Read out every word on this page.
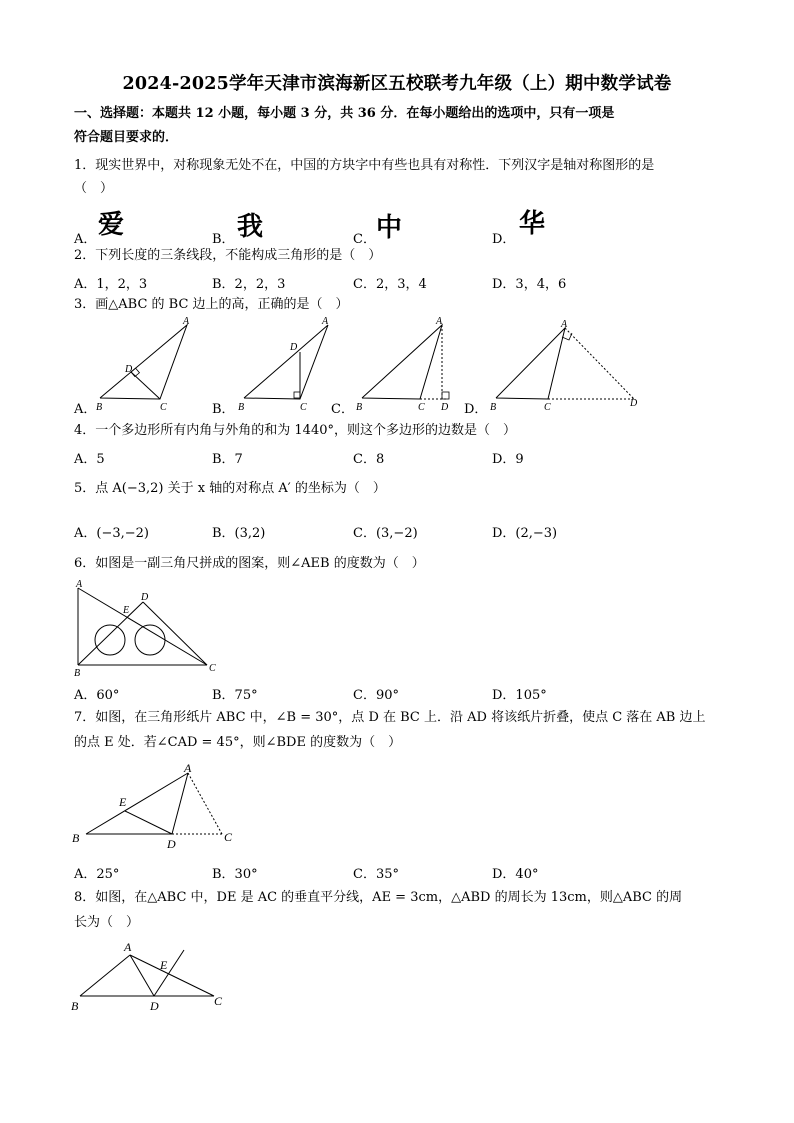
2024-2025学年天津市滨海新区五校联考九年级（上）期中数学试卷
一、选择题：本题共 12 小题，每小题 3 分，共 36 分．在每小题给出的选项中，只有一项是
符合题目要求的．
1．现实世界中，对称现象无处不在，中国的方块字中有些也具有对称性．下列汉字是轴对称图形的是
（　）
A． 爱	B． 我	C． 中	D．
华
2．下列长度的三条线段，不能构成三角形的是（　）
A．1，2，3	B．2，2，3	C．2，3，4	D．3，4，6
3．画△ABC 的 BC 边上的高，正确的是（　）
A．	B．	C．	D．
A
B	C
D
A
B	C
D
A
B	C D
A
B	C	D
4．一个多边形所有内角与外角的和为 1440°，则这个多边形的边数是（　）
A．5	B．7	C．8	D．9
5．点 A(−3,2) 关于 x 轴的对称点 A′ 的坐标为（　）
A．(−3,−2)	B．(3,2)	C．(3,−2)	D．(2,−3)
6．如图是一副三角尺拼成的图案，则∠AEB 的度数为（　）
A
B	C
D
E
A．60°	B．75°	C．90°	D．105°
7．如图，在三角形纸片 ABC 中，∠B = 30°，点 D 在 BC 上．沿 AD 将该纸片折叠，使点 C 落在 AB 边上
的点 E 处．若∠CAD = 45°，则∠BDE 的度数为（　）
A
B	C
D
E
A．25°	B．30°	C．35°	D．40°
8．如图，在△ABC 中，DE 是 AC 的垂直平分线，AE = 3cm，△ABD 的周长为 13cm，则△ABC 的周
长为（　）
A
B	C
D
E
